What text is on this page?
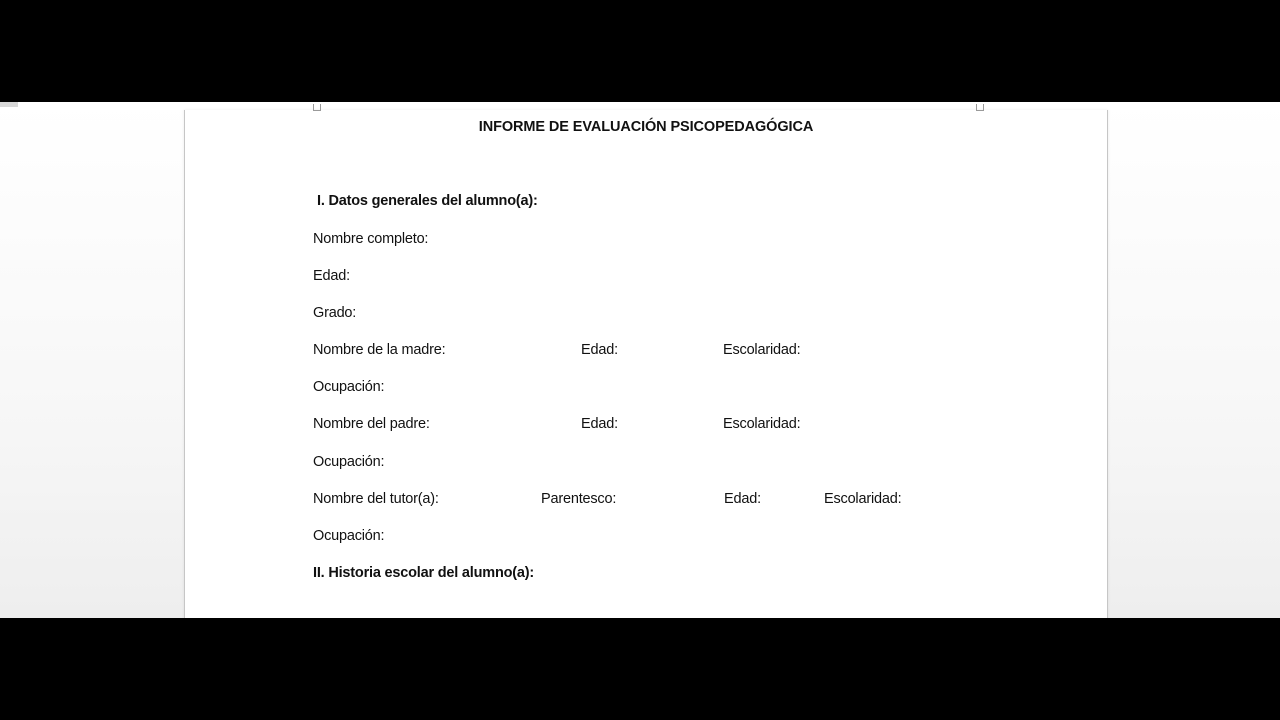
INFORME DE EVALUACIÓN PSICOPEDAGÓGICA
I. Datos generales del alumno(a):
Nombre completo:
Edad:
Grado:
Nombre de la madre:	Edad:	Escolaridad:
Ocupación:
Nombre del padre:	Edad:	Escolaridad:
Ocupación:
Nombre del tutor(a):	Parentesco:	Edad:	Escolaridad:
Ocupación:
II. Historia escolar del alumno(a):
